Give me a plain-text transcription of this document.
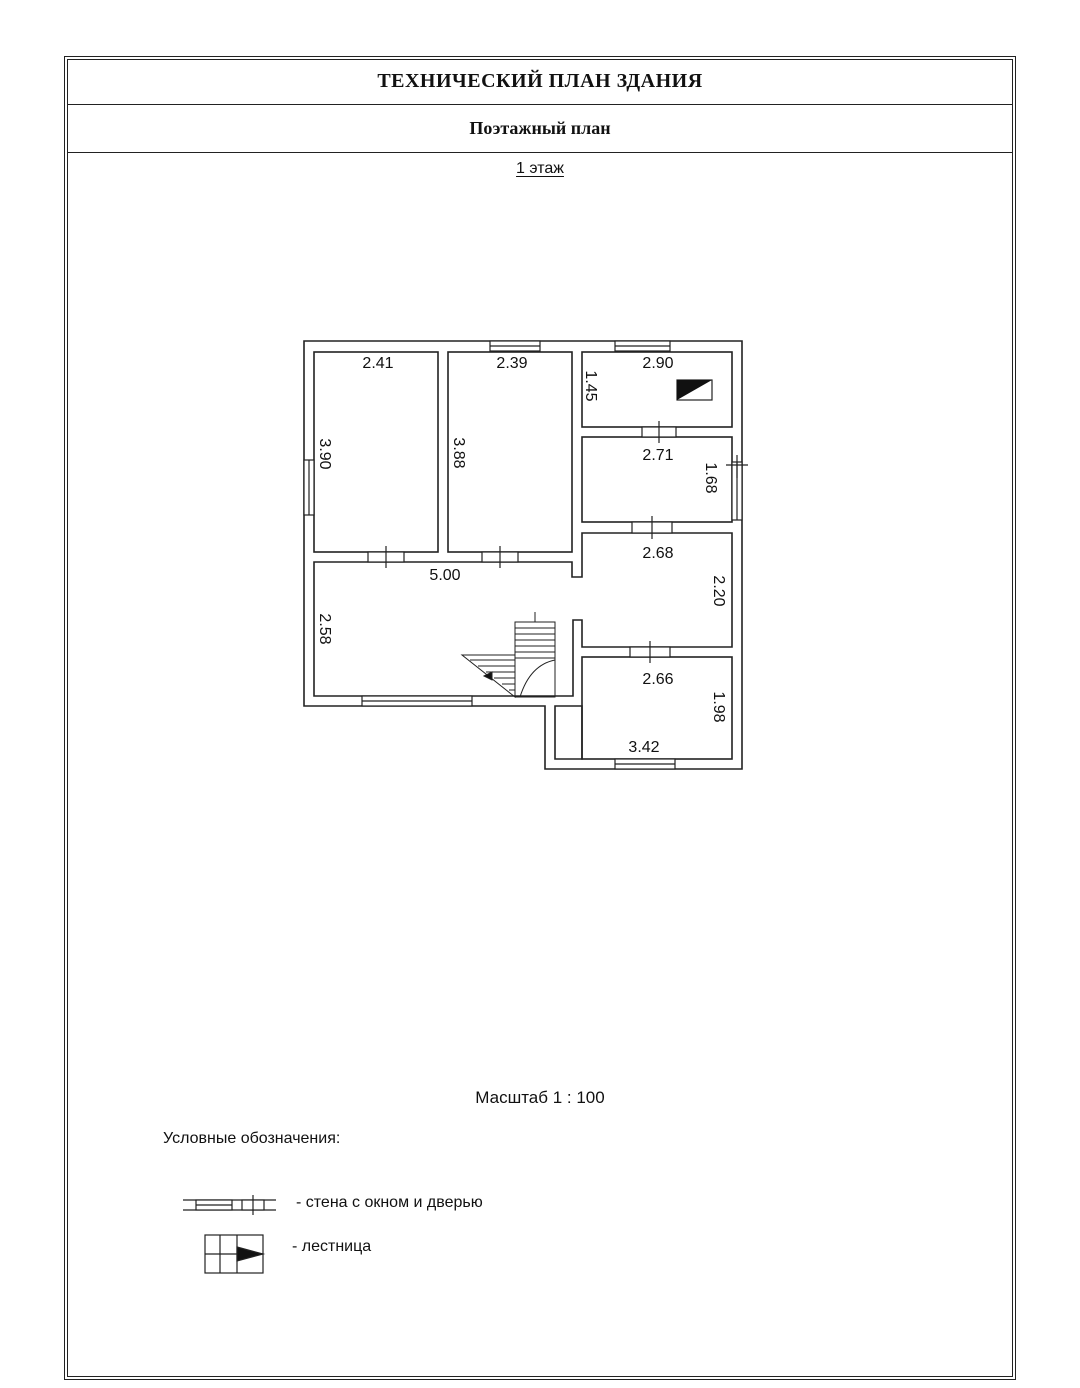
ТЕХНИЧЕСКИЙ ПЛАН ЗДАНИЯ
Поэтажный план
1 этаж
2.41
3.90
2.39
3.88
2.90
1.45
2.71
1.68
5.00
2.58
2.68
2.20
2.66
1.98
3.42
Масштаб 1 : 100
Условные обозначения:
- стена с окном и дверью
- лестница
